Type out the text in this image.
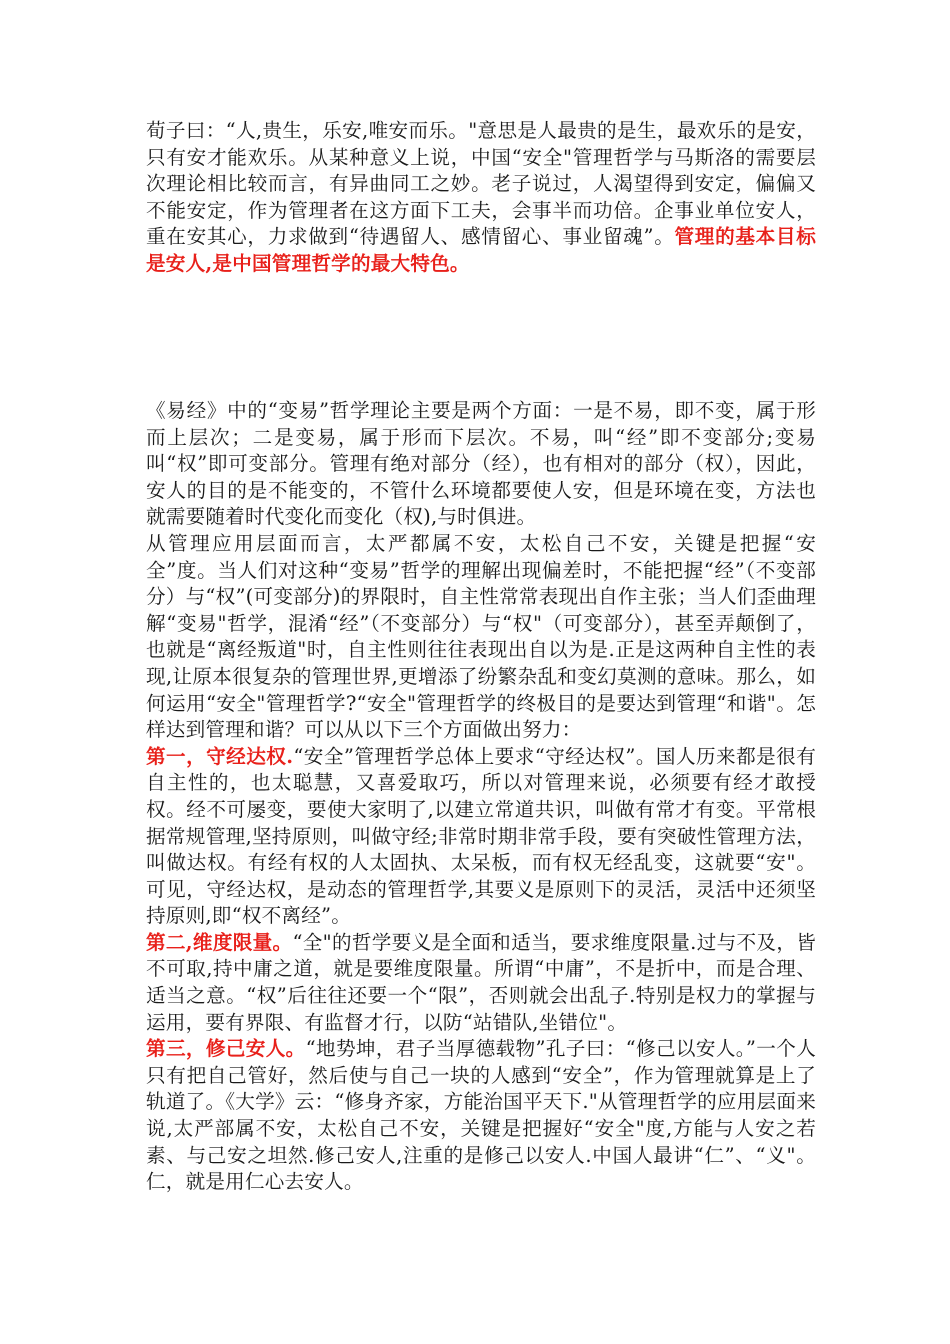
荀子曰：“人,贵生，乐安,唯安而乐。"意思是人最贵的是生，最欢乐的是安，只有安才能欢乐。从某种意义上说，中国“安全"管理哲学与马斯洛的需要层次理论相比较而言，有异曲同工之妙。老子说过，人渴望得到安定，偏偏又不能安定，作为管理者在这方面下工夫，会事半而功倍。企事业单位安人，重在安其心，力求做到“待遇留人、感情留心、事业留魂”。管理的基本目标是安人,是中国管理哲学的最大特色。

《易经》中的“变易”哲学理论主要是两个方面：一是不易，即不变，属于形而上层次；二是变易，属于形而下层次。不易，叫“经”即不变部分;变易叫“权”即可变部分。管理有绝对部分（经），也有相对的部分（权），因此，安人的目的是不能变的，不管什么环境都要使人安，但是环境在变，方法也就需要随着时代变化而变化（权),与时俱进。

从管理应用层面而言，太严都属不安，太松自己不安，关键是把握“安全”度。当人们对这种“变易”哲学的理解出现偏差时，不能把握“经”（不变部分）与“权”(可变部分)的界限时，自主性常常表现出自作主张；当人们歪曲理解“变易"哲学，混淆“经”（不变部分）与“权"（可变部分），甚至弄颠倒了，也就是“离经叛道"时，自主性则往往表现出自以为是.正是这两种自主性的表现,让原本很复杂的管理世界,更增添了纷繁杂乱和变幻莫测的意味。那么，如何运用“安全"管理哲学?“安全"管理哲学的终极目的是要达到管理“和谐"。怎样达到管理和谐？可以从以下三个方面做出努力：

第一，守经达权.“安全”管理哲学总体上要求“守经达权”。国人历来都是很有自主性的，也太聪慧，又喜爱取巧，所以对管理来说，必须要有经才敢授权。经不可屡变，要使大家明了,以建立常道共识，叫做有常才有变。平常根据常规管理,坚持原则，叫做守经;非常时期非常手段，要有突破性管理方法，叫做达权。有经有权的人太固执、太呆板，而有权无经乱变，这就要“安"。可见，守经达权，是动态的管理哲学,其要义是原则下的灵活，灵活中还须坚持原则,即“权不离经”。

第二,维度限量。“全"的哲学要义是全面和适当，要求维度限量.过与不及，皆不可取,持中庸之道，就是要维度限量。所谓“中庸”，不是折中，而是合理、适当之意。“权”后往往还要一个“限”，否则就会出乱子.特别是权力的掌握与运用，要有界限、有监督才行，以防“站错队,坐错位"。

第三，修己安人。“地势坤，君子当厚德载物”孔子曰：“修己以安人。”一个人只有把自己管好，然后使与自己一块的人感到“安全”，作为管理就算是上了轨道了。《大学》云：“修身齐家，方能治国平天下."从管理哲学的应用层面来说,太严部属不安，太松自己不安，关键是把握好“安全"度,方能与人安之若素、与己安之坦然.修己安人,注重的是修己以安人.中国人最讲“仁”、“义"。仁，就是用仁心去安人。
